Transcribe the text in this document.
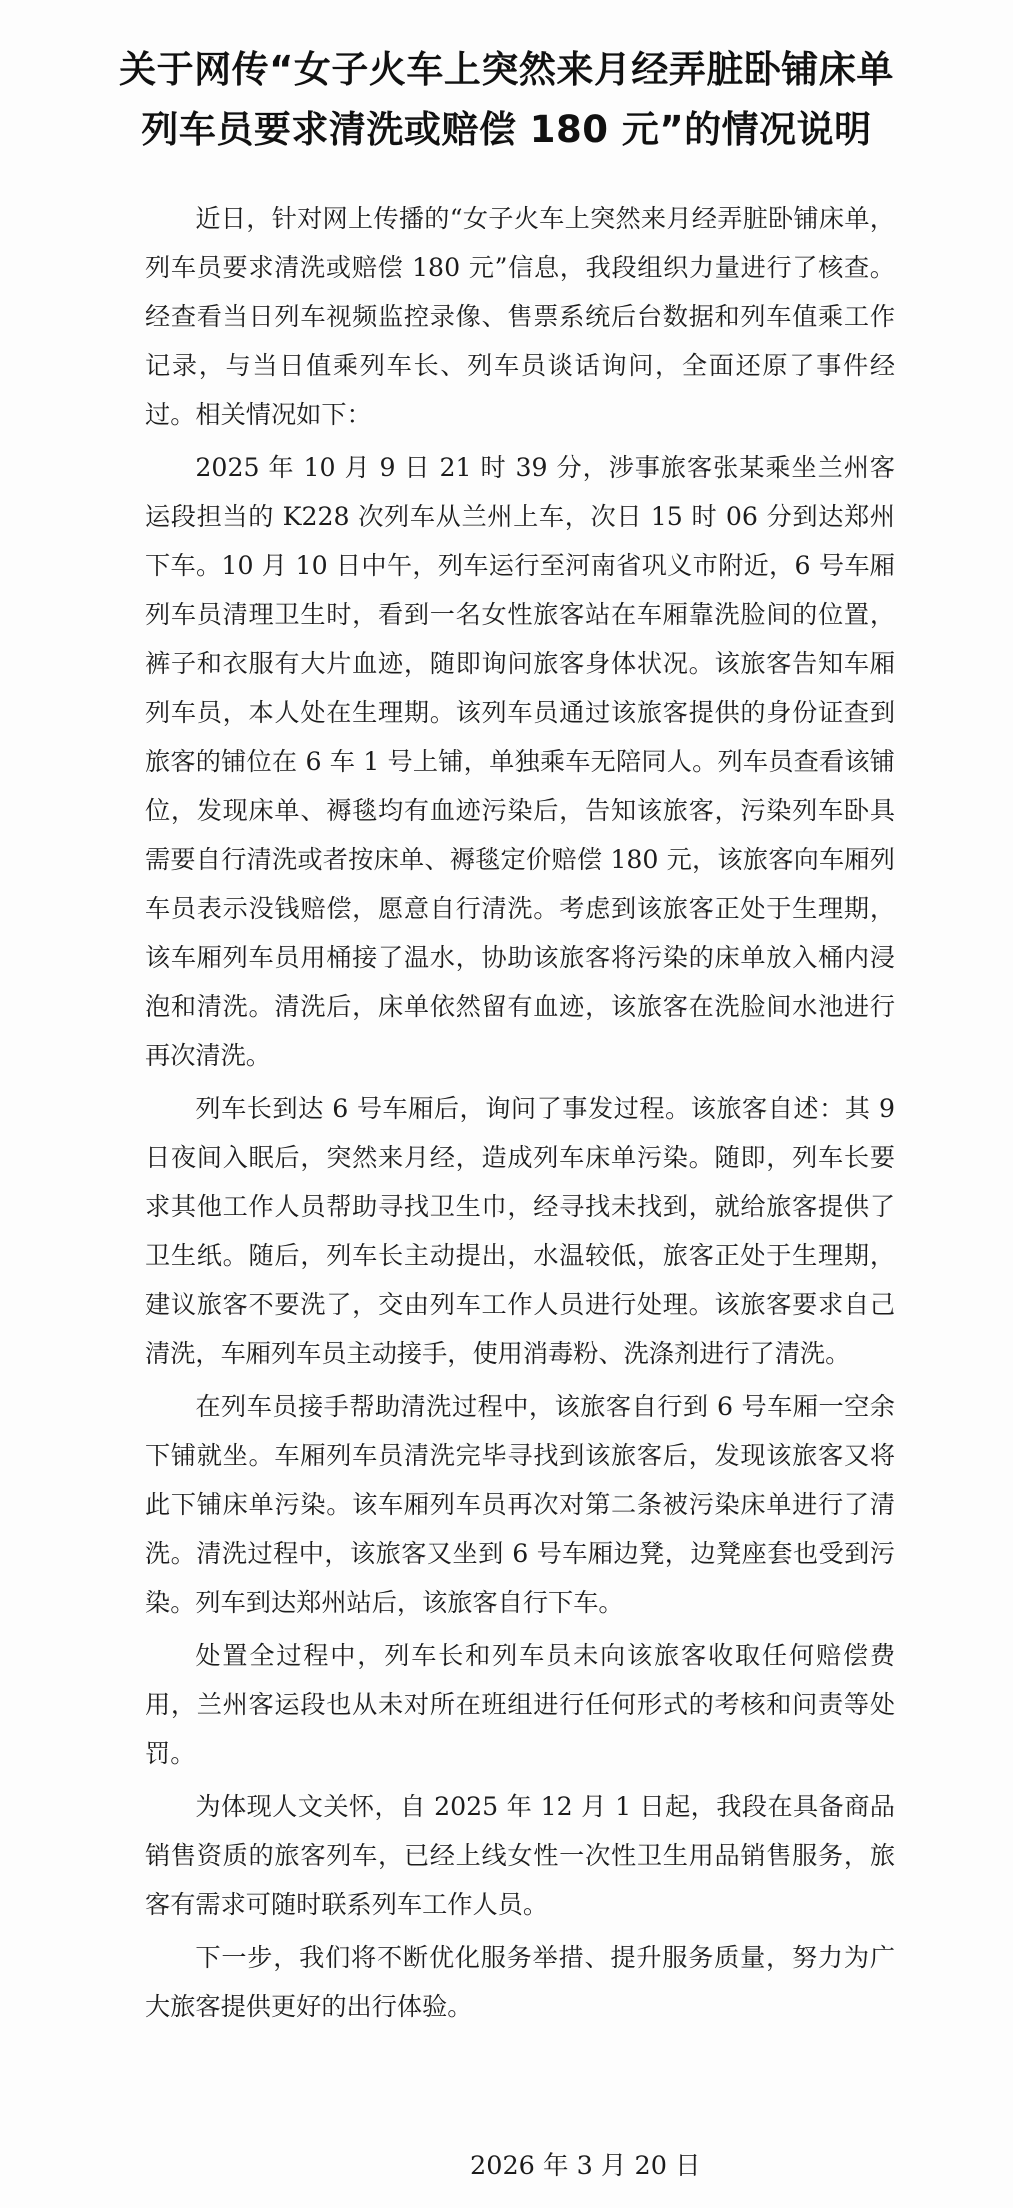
关于网传“女子火车上突然来月经弄脏卧铺床单
列车员要求清洗或赔偿 180 元”的情况说明

近日，针对网上传播的“女子火车上突然来月经弄脏卧铺床单，列车员要求清洗或赔偿 180 元”信息，我段组织力量进行了核查。经查看当日列车视频监控录像、售票系统后台数据和列车值乘工作记录，与当日值乘列车长、列车员谈话询问，全面还原了事件经过。相关情况如下：

2025 年 10 月 9 日 21 时 39 分，涉事旅客张某乘坐兰州客运段担当的 K228 次列车从兰州上车，次日 15 时 06 分到达郑州下车。10 月 10 日中午，列车运行至河南省巩义市附近，6 号车厢列车员清理卫生时，看到一名女性旅客站在车厢靠洗脸间的位置，裤子和衣服有大片血迹，随即询问旅客身体状况。该旅客告知车厢列车员，本人处在生理期。该列车员通过该旅客提供的身份证查到旅客的铺位在 6 车 1 号上铺，单独乘车无陪同人。列车员查看该铺位，发现床单、褥毯均有血迹污染后，告知该旅客，污染列车卧具需要自行清洗或者按床单、褥毯定价赔偿 180 元，该旅客向车厢列车员表示没钱赔偿，愿意自行清洗。考虑到该旅客正处于生理期，该车厢列车员用桶接了温水，协助该旅客将污染的床单放入桶内浸泡和清洗。清洗后，床单依然留有血迹，该旅客在洗脸间水池进行再次清洗。

列车长到达 6 号车厢后，询问了事发过程。该旅客自述：其 9 日夜间入眠后，突然来月经，造成列车床单污染。随即，列车长要求其他工作人员帮助寻找卫生巾，经寻找未找到，就给旅客提供了卫生纸。随后，列车长主动提出，水温较低，旅客正处于生理期，建议旅客不要洗了，交由列车工作人员进行处理。该旅客要求自己清洗，车厢列车员主动接手，使用消毒粉、洗涤剂进行了清洗。

在列车员接手帮助清洗过程中，该旅客自行到 6 号车厢一空余下铺就坐。车厢列车员清洗完毕寻找到该旅客后，发现该旅客又将此下铺床单污染。该车厢列车员再次对第二条被污染床单进行了清洗。清洗过程中，该旅客又坐到 6 号车厢边凳，边凳座套也受到污染。列车到达郑州站后，该旅客自行下车。

处置全过程中，列车长和列车员未向该旅客收取任何赔偿费用，兰州客运段也从未对所在班组进行任何形式的考核和问责等处罚。

为体现人文关怀，自 2025 年 12 月 1 日起，我段在具备商品销售资质的旅客列车，已经上线女性一次性卫生用品销售服务，旅客有需求可随时联系列车工作人员。

下一步，我们将不断优化服务举措、提升服务质量，努力为广大旅客提供更好的出行体验。

2026 年 3 月 20 日
